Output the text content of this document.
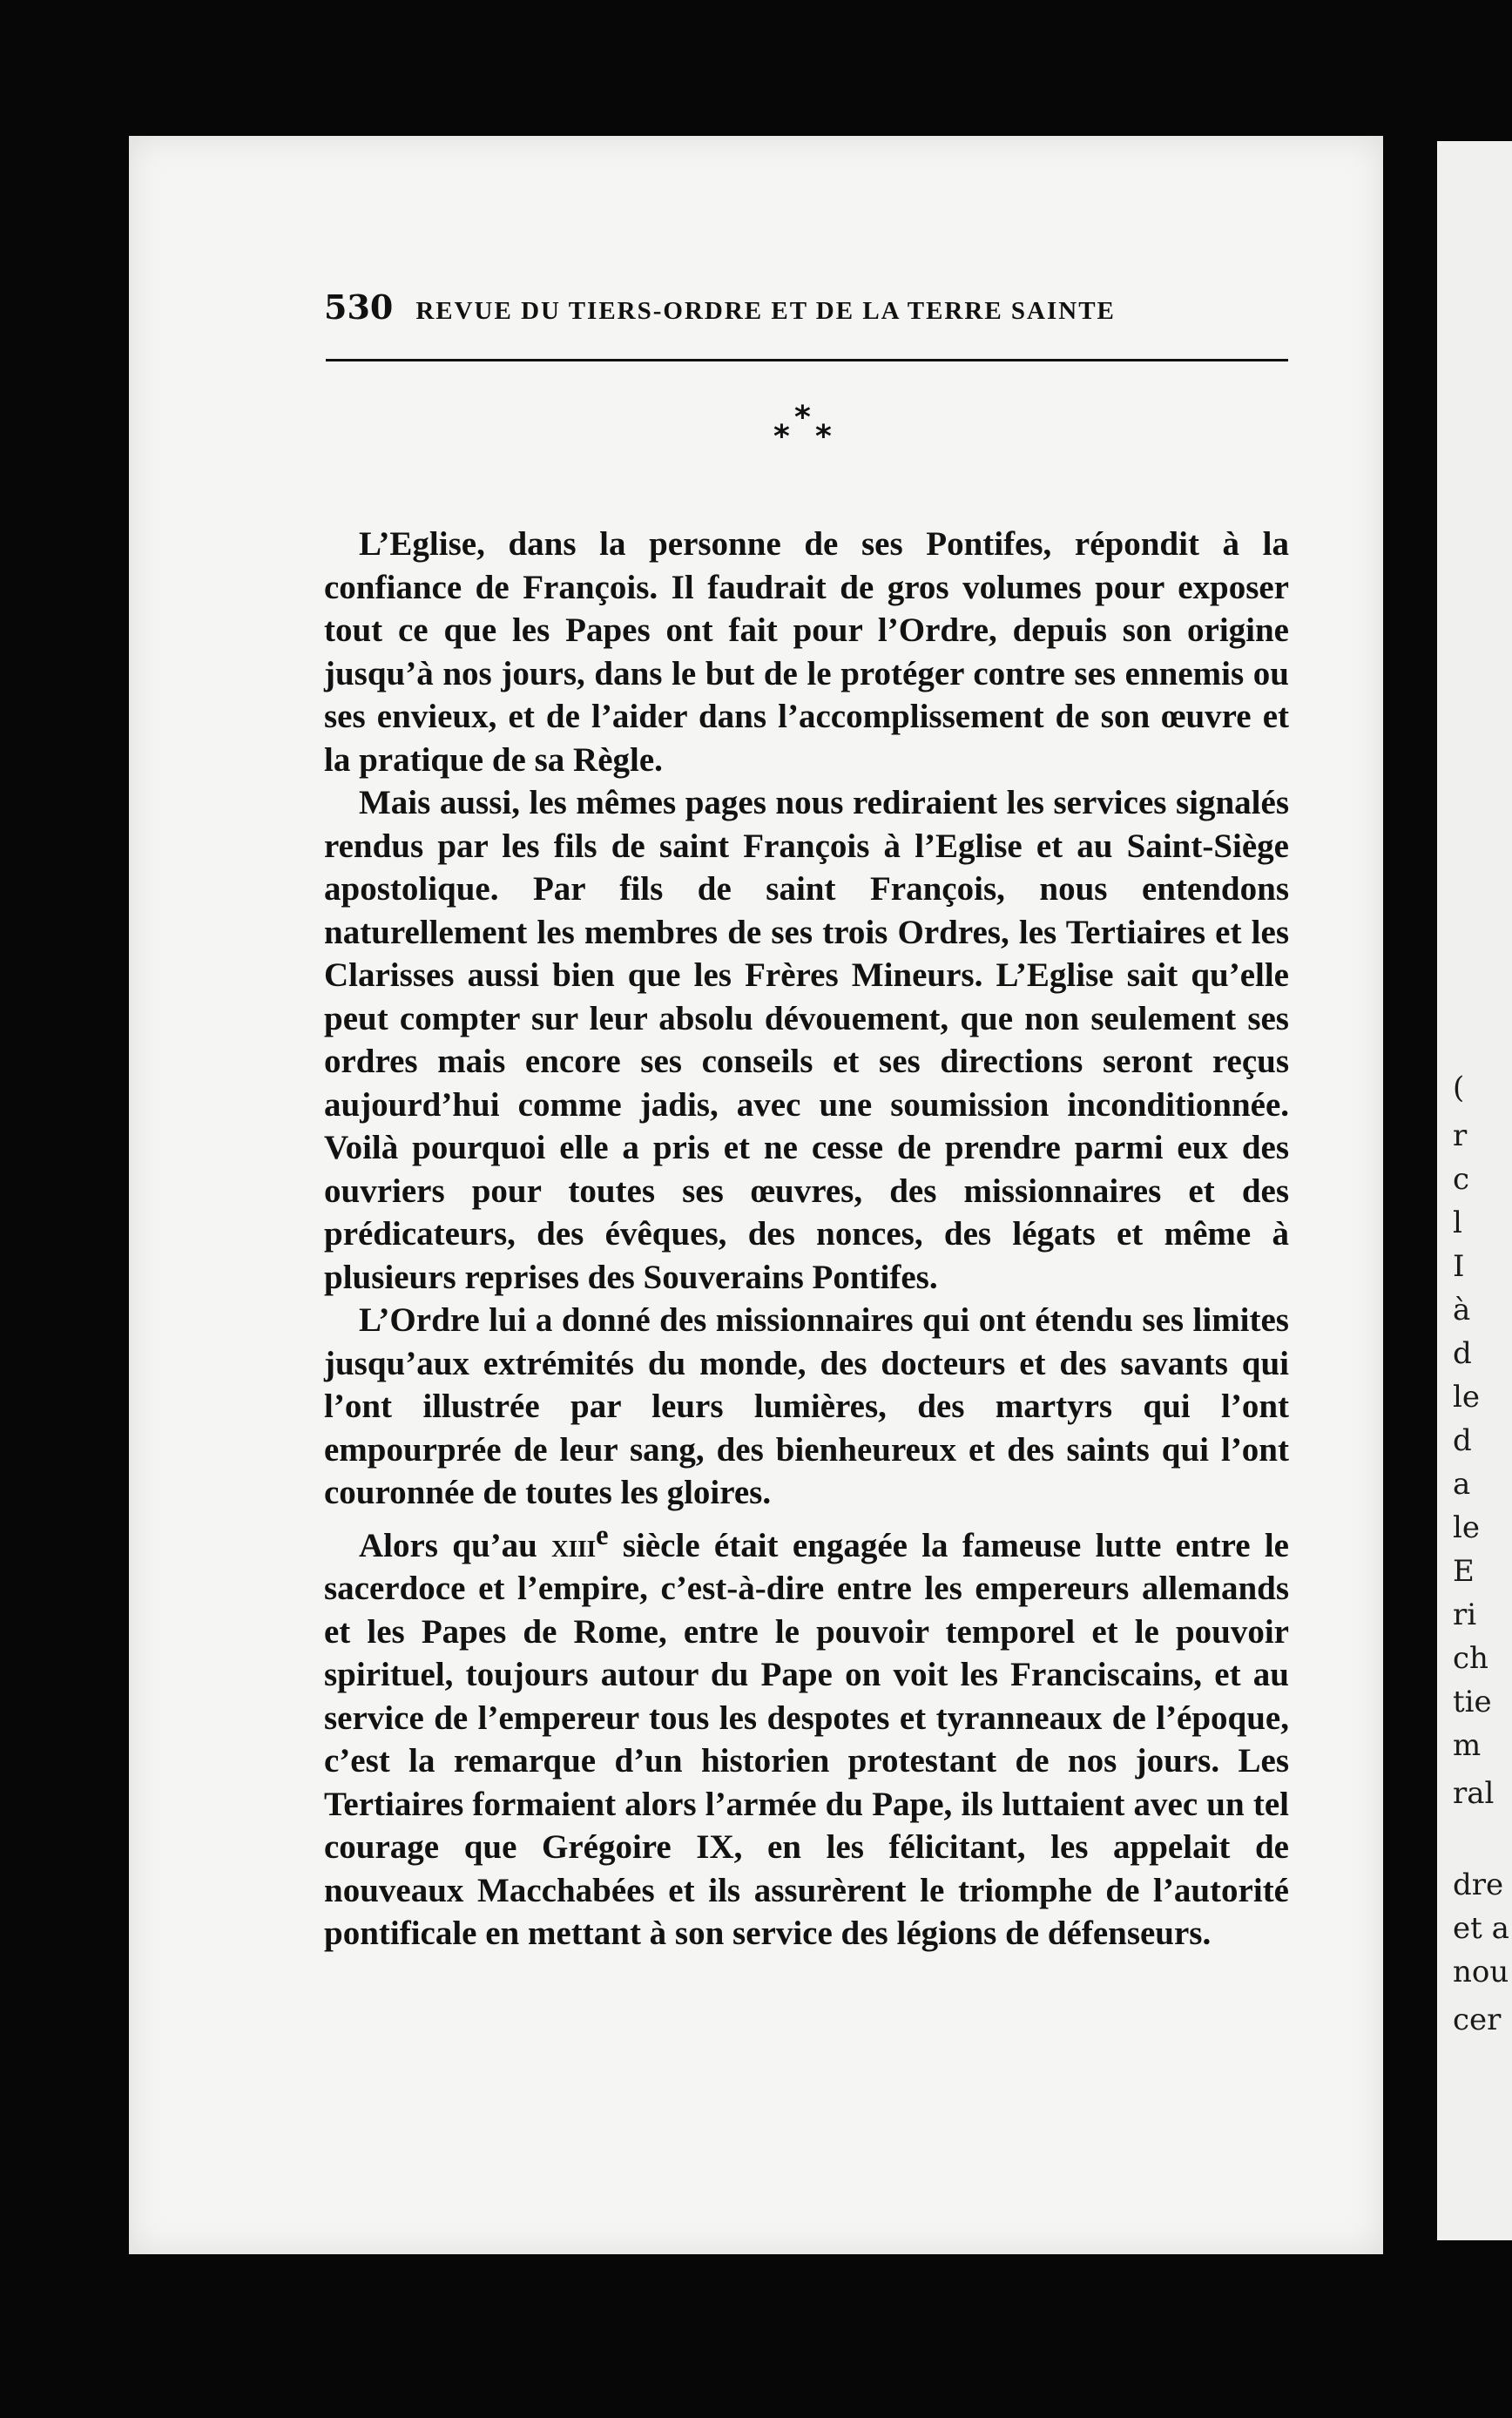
(
r
c
l
I
à
d
le
d
a
le
E
ri
ch
tie
m
ral
dre
et a
nou
cer
530 REVUE DU TIERS-ORDRE ET DE LA TERRE SAINTE
*
* *

L’Eglise, dans la personne de ses Pontifes, répondit à la confiance de François. Il faudrait de gros volumes pour exposer tout ce que les Papes ont fait pour l’Ordre, depuis son origine jusqu’à nos jours, dans le but de le protéger contre ses ennemis ou ses envieux, et de l’aider dans l’accomplissement de son œuvre et la pratique de sa Règle.

Mais aussi, les mêmes pages nous rediraient les services signalés rendus par les fils de saint François à l’Eglise et au Saint-Siège apostolique. Par fils de saint François, nous entendons naturellement les membres de ses trois Ordres, les Tertiaires et les Clarisses aussi bien que les Frères Mineurs. L’Eglise sait qu’elle peut compter sur leur absolu dévouement, que non seulement ses ordres mais encore ses conseils et ses directions seront reçus aujourd’hui comme jadis, avec une soumission inconditionnée. Voilà pourquoi elle a pris et ne cesse de prendre parmi eux des ouvriers pour toutes ses œuvres, des missionnaires et des prédicateurs, des évêques, des nonces, des légats et même à plusieurs reprises des Souverains Pontifes.

L’Ordre lui a donné des missionnaires qui ont étendu ses limites jusqu’aux extrémités du monde, des docteurs et des savants qui l’ont illustrée par leurs lumières, des martyrs qui l’ont empourprée de leur sang, des bienheureux et des saints qui l’ont couronnée de toutes les gloires.

Alors qu’au xiii$^e$ siècle était engagée la fameuse lutte entre le sacerdoce et l’empire, c’est-à-dire entre les empereurs allemands et les Papes de Rome, entre le pouvoir temporel et le pouvoir spirituel, toujours autour du Pape on voit les Franciscains, et au service de l’empereur tous les despotes et tyranneaux de l’époque, c’est la remarque d’un historien protestant de nos jours. Les Tertiaires formaient alors l’armée du Pape, ils luttaient avec un tel courage que Grégoire IX, en les félicitant, les appelait de nouveaux Macchabées et ils assurèrent le triomphe de l’autorité pontificale en mettant à son service des légions de défenseurs.
